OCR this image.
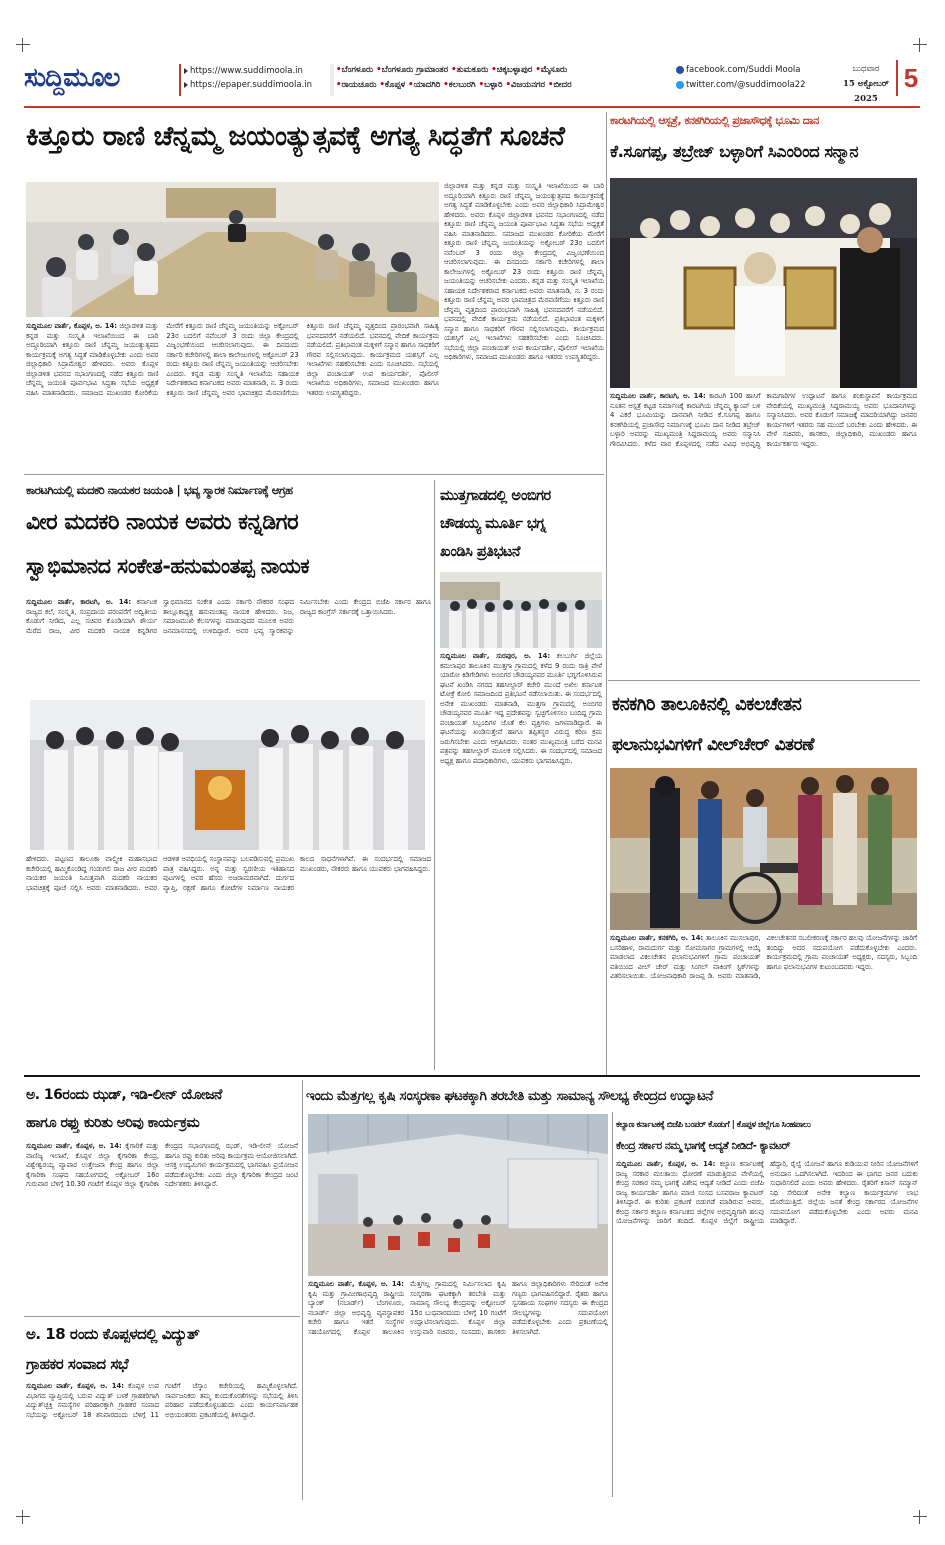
ಸುದ್ದಿಮೂಲ	https://www.suddimoola.in
https://epaper.suddimoola.in
•ಬೆಂಗಳೂರು •ಬೆಂಗಳೂರು ಗ್ರಾಮಾಂತರ •ತುಮಕೂರು •ಚಿಕ್ಕಬಳ್ಳಾಪುರ •ಮೈಸೂರು
•ರಾಯಚೂರು •ಕೊಪ್ಪಳ •ಯಾದಗಿರಿ •ಕಲಬುರಗಿ •ಬಳ್ಳಾರಿ •ವಿಜಯನಗರ •ಬೀದರ
facebook.com/Suddi Moola
twitter.com/@suddimoola22
ಬುಧವಾರ
15 ಅಕ್ಟೋಬರ್ 2025
5
ಕಿತ್ತೂರು ರಾಣಿ ಚೆನ್ನಮ್ಮ ಜಯಂತ್ಯುತ್ಸವಕ್ಕೆ ಅಗತ್ಯ ಸಿದ್ಧತೆಗೆ ಸೂಚನೆ
ಸುದ್ದಿಮೂಲ ವಾರ್ತೆ, ಕೊಪ್ಪಳ, ಅ. 14: ಜಿಲ್ಲಾಡಳಿತ ಮತ್ತು ಕನ್ನಡ ಮತ್ತು ಸಂಸ್ಕೃತಿ ಇಲಾಖೆಯಿಂದ ಈ ಬಾರಿ ಅದ್ದೂರಿಯಾಗಿ ಕಿತ್ತೂರು ರಾಣಿ ಚೆನ್ನಮ್ಮ ಜಯಂತ್ಯುತ್ಸವದ ಕಾರ್ಯಕ್ರಮಕ್ಕೆ ಅಗತ್ಯ ಸಿದ್ಧತೆ ಮಾಡಿಕೊಳ್ಳಬೇಕು ಎಂದು ಅಪರ ಜಿಲ್ಲಾಧಿಕಾರಿ ಸಿದ್ರಾಮೇಶ್ವರ ಹೇಳಿದರು. ಅವರು ಕೊಪ್ಪಳ ಜಿಲ್ಲಾಡಳಿತ ಭವನದ ಸಭಾಂಗಣದಲ್ಲಿ ನಡೆದ ಕಿತ್ತೂರು ರಾಣಿ ಚೆನ್ನಮ್ಮ ಜಯಂತಿ ಪೂರ್ವಭಾವಿ ಸಿದ್ಧತಾ ಸಭೆಯ ಅಧ್ಯಕ್ಷತೆ ವಹಿಸಿ ಮಾತನಾಡಿದರು. ಸಮಾಜದ ಮುಖಂಡರ ಕೋರಿಕೆಯ ಮೇರೆಗೆ ಕಿತ್ತೂರು ರಾಣಿ ಚೆನ್ನಮ್ಮ ಜಯಂತಿಯನ್ನು ಅಕ್ಟೋಬರ್ 23ರ ಬದಲಿಗೆ ನವೆಂಬರ್ 3 ರಂದು ಜಿಲ್ಲಾ ಕೇಂದ್ರದಲ್ಲಿ ವಿಜೃಂಭಣೆಯಿಂದ ಆಚರಿಸಲಾಗುವುದು. ಈ ದಿನದಂದು ಸರ್ಕಾರಿ ಕಚೇರಿಗಳಲ್ಲಿ ಶಾಲಾ ಕಾಲೇಜುಗಳಲ್ಲಿ ಅಕ್ಟೋಬರ್ 23 ರಂದು ಕಿತ್ತೂರು ರಾಣಿ ಚೆನ್ನಮ್ಮ ಜಯಂತಿಯನ್ನು ಆಚರಿಸಬೇಕು ಎಂದರು. ಕನ್ನಡ ಮತ್ತು ಸಂಸ್ಕೃತಿ ಇಲಾಖೆಯ ಸಹಾಯಕ ನಿರ್ದೇಶಕರಾದ ಕರ್ನಾಟಕದ ಅವರು ಮಾತನಾಡಿ, ನ. 3 ರಂದು ಕಿತ್ತೂರು ರಾಣಿ ಚೆನ್ನಮ್ಮ ಅವರ ಭಾವಚಿತ್ರದ ಮೆರವಣಿಗೆಯು ಕಿತ್ತೂರು ರಾಣಿ ಚೆನ್ನಮ್ಮ ವೃತ್ತದಿಂದ ಪ್ರಾರಂಭವಾಗಿ ಸಾಹಿತ್ಯ ಭವನದವರೆಗೆ ನಡೆಯಲಿದೆ. ಭವನದಲ್ಲಿ ವೇದಿಕೆ ಕಾರ್ಯಕ್ರಮ ನಡೆಯಲಿದೆ. ಪ್ರತಿಭಾವಂತ ಮಕ್ಕಳಿಗೆ ಸನ್ಮಾನ ಹಾಗೂ ಸಾಧಕರಿಗೆ ಗೌರವ ಸಲ್ಲಿಸಲಾಗುವುದು. ಕಾರ್ಯಕ್ರಮದ ಯಶಸ್ಸಿಗೆ ಎಲ್ಲ ಇಲಾಖೆಗಳು ಸಹಕರಿಸಬೇಕು ಎಂದು ಸೂಚಿಸಿದರು. ಸಭೆಯಲ್ಲಿ ಜಿಲ್ಲಾ ಪಂಚಾಯತ್ ಉಪ ಕಾರ್ಯದರ್ಶಿ, ಪೊಲೀಸ್ ಇಲಾಖೆಯ ಅಧಿಕಾರಿಗಳು, ಸಮಾಜದ ಮುಖಂಡರು ಹಾಗೂ ಇತರರು ಉಪಸ್ಥಿತರಿದ್ದರು.
ಜಿಲ್ಲಾಡಳಿತ ಮತ್ತು ಕನ್ನಡ ಮತ್ತು ಸಂಸ್ಕೃತಿ ಇಲಾಖೆಯಿಂದ ಈ ಬಾರಿ ಅದ್ದೂರಿಯಾಗಿ ಕಿತ್ತೂರು ರಾಣಿ ಚೆನ್ನಮ್ಮ ಜಯಂತ್ಯುತ್ಸವದ ಕಾರ್ಯಕ್ರಮಕ್ಕೆ ಅಗತ್ಯ ಸಿದ್ಧತೆ ಮಾಡಿಕೊಳ್ಳಬೇಕು ಎಂದು ಅಪರ ಜಿಲ್ಲಾಧಿಕಾರಿ ಸಿದ್ರಾಮೇಶ್ವರ ಹೇಳಿದರು. ಅವರು ಕೊಪ್ಪಳ ಜಿಲ್ಲಾಡಳಿತ ಭವನದ ಸಭಾಂಗಣದಲ್ಲಿ ನಡೆದ ಕಿತ್ತೂರು ರಾಣಿ ಚೆನ್ನಮ್ಮ ಜಯಂತಿ ಪೂರ್ವಭಾವಿ ಸಿದ್ಧತಾ ಸಭೆಯ ಅಧ್ಯಕ್ಷತೆ ವಹಿಸಿ ಮಾತನಾಡಿದರು. ಸಮಾಜದ ಮುಖಂಡರ ಕೋರಿಕೆಯ ಮೇರೆಗೆ ಕಿತ್ತೂರು ರಾಣಿ ಚೆನ್ನಮ್ಮ ಜಯಂತಿಯನ್ನು ಅಕ್ಟೋಬರ್ 23ರ ಬದಲಿಗೆ ನವೆಂಬರ್ 3 ರಂದು ಜಿಲ್ಲಾ ಕೇಂದ್ರದಲ್ಲಿ ವಿಜೃಂಭಣೆಯಿಂದ ಆಚರಿಸಲಾಗುವುದು. ಈ ದಿನದಂದು ಸರ್ಕಾರಿ ಕಚೇರಿಗಳಲ್ಲಿ ಶಾಲಾ ಕಾಲೇಜುಗಳಲ್ಲಿ ಅಕ್ಟೋಬರ್ 23 ರಂದು ಕಿತ್ತೂರು ರಾಣಿ ಚೆನ್ನಮ್ಮ ಜಯಂತಿಯನ್ನು ಆಚರಿಸಬೇಕು ಎಂದರು. ಕನ್ನಡ ಮತ್ತು ಸಂಸ್ಕೃತಿ ಇಲಾಖೆಯ ಸಹಾಯಕ ನಿರ್ದೇಶಕರಾದ ಕರ್ನಾಟಕದ ಅವರು ಮಾತನಾಡಿ, ನ. 3 ರಂದು ಕಿತ್ತೂರು ರಾಣಿ ಚೆನ್ನಮ್ಮ ಅವರ ಭಾವಚಿತ್ರದ ಮೆರವಣಿಗೆಯು ಕಿತ್ತೂರು ರಾಣಿ ಚೆನ್ನಮ್ಮ ವೃತ್ತದಿಂದ ಪ್ರಾರಂಭವಾಗಿ ಸಾಹಿತ್ಯ ಭವನದವರೆಗೆ ನಡೆಯಲಿದೆ. ಭವನದಲ್ಲಿ ವೇದಿಕೆ ಕಾರ್ಯಕ್ರಮ ನಡೆಯಲಿದೆ. ಪ್ರತಿಭಾವಂತ ಮಕ್ಕಳಿಗೆ ಸನ್ಮಾನ ಹಾಗೂ ಸಾಧಕರಿಗೆ ಗೌರವ ಸಲ್ಲಿಸಲಾಗುವುದು. ಕಾರ್ಯಕ್ರಮದ ಯಶಸ್ಸಿಗೆ ಎಲ್ಲ ಇಲಾಖೆಗಳು ಸಹಕರಿಸಬೇಕು ಎಂದು ಸೂಚಿಸಿದರು. ಸಭೆಯಲ್ಲಿ ಜಿಲ್ಲಾ ಪಂಚಾಯತ್ ಉಪ ಕಾರ್ಯದರ್ಶಿ, ಪೊಲೀಸ್ ಇಲಾಖೆಯ ಅಧಿಕಾರಿಗಳು, ಸಮಾಜದ ಮುಖಂಡರು ಹಾಗೂ ಇತರರು ಉಪಸ್ಥಿತರಿದ್ದರು.
ಕಾರಟಗಿಯಲ್ಲಿ ಆಸ್ಪತ್ರೆ, ಕನಕಗಿರಿಯಲ್ಲಿ ಪ್ರಜಾಸೌಧಕ್ಕೆ ಭೂಮಿ ದಾನ
ಕೆ.ಸೂಗಪ್ಪ, ತಬ್ರೇಜ್ ಬಳ್ಳಾರಿಗೆ ಸಿಎಂರಿಂದ ಸನ್ಮಾನ
ಸುದ್ದಿಮೂಲ ವಾರ್ತೆ, ಕಾರಟಗಿ, ಅ. 14: ಕಾರಟಗಿ 100 ಹಾಸಿಗೆ ನೂತನ ಆಸ್ಪತ್ರೆ ಕಟ್ಟಡ ನಿರ್ಮಾಣಕ್ಕೆ ಕಾರಟಗಿಯ ಚೆನ್ನಮ್ಮ ಕ್ಯಾಂಪ್ ಬಳಿ 4 ಎಕರೆ ಭೂಮಿಯನ್ನು ದಾನವಾಗಿ ನೀಡಿದ ಕೆ.ಸೂಗಪ್ಪ ಹಾಗೂ ಕನಕಗಿರಿಯಲ್ಲಿ ಪ್ರಜಾಸೌಧ ನಿರ್ಮಾಣಕ್ಕೆ ಭೂಮಿ ದಾನ ನೀಡಿದ ತಬ್ರೇಜ್ ಬಳ್ಳಾರಿ ಅವರನ್ನು ಮುಖ್ಯಮಂತ್ರಿ ಸಿದ್ದರಾಮಯ್ಯ ಅವರು ಸನ್ಮಾನಿಸಿ ಗೌರವಿಸಿದರು. ಕಳೆದ ವಾರ ಕೊಪ್ಪಳದಲ್ಲಿ ನಡೆದ ವಿವಿಧ ಅಭಿವೃದ್ಧಿ ಕಾಮಗಾರಿಗಳ ಉದ್ಘಾಟನೆ ಹಾಗೂ ಶಂಕುಸ್ಥಾಪನೆ ಕಾರ್ಯಕ್ರಮದ ವೇದಿಕೆಯಲ್ಲಿ ಮುಖ್ಯಮಂತ್ರಿ ಸಿದ್ದರಾಮಯ್ಯ ಅವರು ಭೂದಾನಿಗಳನ್ನು ಸನ್ಮಾನಿಸಿದರು. ಅವರ ಕೊಡುಗೆ ಸಮಾಜಕ್ಕೆ ಮಾದರಿಯಾಗಿದ್ದು ಜನಪರ ಕಾರ್ಯಗಳಿಗೆ ಇತರರು ಸಹ ಮುಂದೆ ಬರಬೇಕು ಎಂದು ಹೇಳಿದರು. ಈ ವೇಳೆ ಸಚಿವರು, ಶಾಸಕರು, ಜಿಲ್ಲಾಧಿಕಾರಿ, ಮುಖಂಡರು ಹಾಗೂ ಕಾರ್ಯಕರ್ತರು ಇದ್ದರು.
ಕಾರಟಗಿಯಲ್ಲಿ ಮದಕರಿ ನಾಯಕರ ಜಯಂತಿ | ಭವ್ಯ ಸ್ಮಾರಕ ನಿರ್ಮಾಣಕ್ಕೆ ಆಗ್ರಹ
ವೀರ ಮದಕರಿ ನಾಯಕ ಅವರು ಕನ್ನಡಿಗರ
ಸ್ವಾಭಿಮಾನದ ಸಂಕೇತ-ಹನುಮಂತಪ್ಪ ನಾಯಕ
ಸುದ್ದಿಮೂಲ ವಾರ್ತೆ, ಕಾರಟಗಿ, ಅ. 14: ಕರ್ನಾಟಕ ರಾಜ್ಯದ ಕಲೆ, ಸಂಸ್ಕೃತಿ, ಸಂಪ್ರದಾಯ ಪರಂಪರೆಗೆ ಅದ್ವಿತೀಯ ಕೊಡುಗೆ ನೀಡಿದ, ಎಲ್ಲ ಸಚಿವರ ಕೊಂಡಿಯಾಗಿ ಶೌರ್ಯ ಮೆರೆದ ರಾಜ, ವೀರ ಮದಕರಿ ನಾಯಕ ಕನ್ನಡಿಗರ ಸ್ವಾಭಿಮಾನದ ಸಂಕೇತ ಎಂದು ಸರ್ಕಾರಿ ನೌಕರರ ಸಂಘದ ತಾಲ್ಲೂಕಾಧ್ಯಕ್ಷ ಹನುಮಂತಪ್ಪ ನಾಯಕ ಹೇಳಿದರು. ನಿಜ, ಸಮಾಜಮುಖಿ ಕೆಲಸಗಳನ್ನು ಮಾಡುವುದರ ಮೂಲಕ ಅವರು ಜನಮಾನಸದಲ್ಲಿ ಉಳಿದಿದ್ದಾರೆ. ಅವರ ಭವ್ಯ ಸ್ಮಾರಕವನ್ನು ನಿರ್ಮಿಸಬೇಕು ಎಂದು ಕೇಂದ್ರದ ಬಿಜೆಪಿ ಸರ್ಕಾರ ಹಾಗೂ ರಾಜ್ಯದ ಕಾಂಗ್ರೆಸ್ ಸರ್ಕಾರಕ್ಕೆ ಒತ್ತಾಯಿಸಿದರು.
ಹೇಳಿದರು. ಪಟ್ಟಣದ ತಾಲೂಕಾ ವಾಲ್ಮೀಕಿ ಮಹಾಸಭಾದ ಕಚೇರಿಯಲ್ಲಿ ಹಮ್ಮಿಕೊಂಡಿದ್ದ ಗಂಡುಗಲಿ ರಾಜ ವೀರ ಮದಕರಿ ನಾಯಕರ ಜಯಂತಿ ನಿಮಿತ್ತವಾಗಿ ಮದಕರಿ ನಾಯಕರ ಭಾವಚಿತ್ರಕ್ಕೆ ಪೂಜೆ ಸಲ್ಲಿಸಿ ಅವರು ಮಾತನಾಡಿದರು. ಅವರ ಆಡಳಿತ ಅವಧಿಯಲ್ಲಿ ಸಂಸ್ಥಾನವನ್ನು ಬಲಪಡಿಸುವಲ್ಲಿ ಪ್ರಮುಖ ಪಾತ್ರ ವಹಿಸಿದ್ದರು. ಅನ್ನ ಮತ್ತು ಸ್ವರಣೀಯ ಇತಿಹಾಸದ ಪುಟಗಳಲ್ಲಿ ಅವರ ಹೆಸರು ಅಜರಾಮರವಾಗಿದೆ. ದುರ್ಗದ ವ್ಯಾಪ್ತಿ, ರಕ್ಷಣೆ ಹಾಗೂ ಕೋಟೆಗಳ ನಿರ್ಮಾಣ ನಾಯಕರ ಕಾಲದ ಸಾಧನೆಗಳಾಗಿವೆ. ಈ ಸಂದರ್ಭದಲ್ಲಿ ಸಮಾಜದ ಮುಖಂಡರು, ನೌಕರರು ಹಾಗೂ ಯುವಕರು ಭಾಗವಹಿಸಿದ್ದರು.
ಮುತ್ತಗಾಡದಲ್ಲಿ ಅಂಬಿಗರ
ಚೌಡಯ್ಯ ಮೂರ್ತಿ ಭಗ್ನ
ಖಂಡಿಸಿ ಪ್ರತಿಭಟನೆ
ಸುದ್ದಿಮೂಲ ವಾರ್ತೆ, ಸುರಪುರ, ಅ. 14: ಕಲಬುರ್ಗಿ ಜಿಲ್ಲೆಯ ಕಮಲಾಪುರ ತಾಲೂಕಿನ ಮುತ್ತಗಾ ಗ್ರಾಮದಲ್ಲಿ ಕಳೆದ 9 ರಂದು ರಾತ್ರಿ ವೇಳೆ ಯಾರೋ ಕಿಡಿಗೇಡಿಗಳು ಅಂಬಿಗರ ಚೌಡಯ್ಯನವರ ಮೂರ್ತಿ ಭಗ್ನಗೊಳಿಸಿರುವ ಘಟನೆ ಖಂಡಿಸಿ ನಗರದ ತಹಸೀಲ್ದಾರ್ ಕಚೇರಿ ಮುಂದೆ ಅಖಿಲ ಕರ್ನಾಟಕ ಟೋಕ್ರೆ ಕೋಲಿ ಸಮಾಜದಿಂದ ಪ್ರತಿಭಟನೆ ನಡೆಸಲಾಯಿತು. ಈ ಸಂದರ್ಭದಲ್ಲಿ ಅನೇಕ ಮುಖಂಡರು ಮಾತನಾಡಿ, ಮುತ್ತಗಾ ಗ್ರಾಮದಲ್ಲಿ ಅಂಬಿಗರ ಚೌಡಯ್ಯನವರ ಮೂರ್ತಿ ಇದ್ದ ಪ್ರದೇಶವನ್ನು ಸ್ವಚ್ಛಗೊಳಿಸಲು ಬಂದಿದ್ದ ಗ್ರಾಮ ಪಂಚಾಯತ್ ಸಿಬ್ಬಂದಿಗಳ ಜೊತೆ ಕೆಲ ವ್ಯಕ್ತಿಗಳು ಜಗಳವಾಡಿದ್ದಾರೆ. ಈ ಘಟನೆಯನ್ನು ಖಂಡಿಸುತ್ತೇವೆ ಹಾಗೂ ತಪ್ಪಿತಸ್ಥರ ವಿರುದ್ಧ ಕಠಿಣ ಕ್ರಮ ಜರುಗಿಸಬೇಕು ಎಂದು ಆಗ್ರಹಿಸಿದರು. ನಂತರ ಮುಖ್ಯಮಂತ್ರಿ ಬರೆದ ಮನವಿ ಪತ್ರವನ್ನು ತಹಸೀಲ್ದಾರ್ ಮೂಲಕ ಸಲ್ಲಿಸಿದರು. ಈ ಸಂದರ್ಭದಲ್ಲಿ ಸಮಾಜದ ಅಧ್ಯಕ್ಷ ಹಾಗೂ ಪದಾಧಿಕಾರಿಗಳು, ಯುವಕರು ಭಾಗವಹಿಸಿದ್ದರು.
ಕನಕಗಿರಿ ತಾಲೂಕಿನಲ್ಲಿ ವಿಕಲಚೇತನ
ಫಲಾನುಭವಿಗಳಿಗೆ ವೀಲ್‌ಚೇರ್ ವಿತರಣೆ
ಸುದ್ದಿಮೂಲ ವಾರ್ತೆ, ಕನಕಗಿರಿ, ಅ. 14: ತಾಲೂಕಿನ ಮುಸಲಾಪುರ, ಬಸರಿಹಾಳ, ರಾಮದುರ್ಗ ಮತ್ತು ಸೋಮಸಾಗರ ಗ್ರಾಮಗಳಲ್ಲಿ ಆಯ್ಕೆ ಮಾಡಲಾದ ವಿಕಲಚೇತನ ಫಲಾನುಭವಿಗಳಿಗೆ ಗ್ರಾಮ ಪಂಚಾಯತ್ ವತಿಯಿಂದ ವೀಲ್ ಚೇರ್ ಮತ್ತು ಸಿಂಗಲ್ ವಾಕಿಂಗ್ ಸ್ಟಿಕ್‌ಗಳನ್ನು ವಿತರಿಸಲಾಯಿತು. ಯೋಜನಾಧಿಕಾರಿ ರಾಜಪ್ಪ ಡಿ. ಅವರು ಮಾತನಾಡಿ, ವಿಕಲಚೇತನರ ಸಬಲೀಕರಣಕ್ಕೆ ಸರ್ಕಾರ ಹಲವು ಯೋಜನೆಗಳನ್ನು ಜಾರಿಗೆ ತಂದಿದ್ದು ಅದರ ಸದುಪಯೋಗ ಪಡೆದುಕೊಳ್ಳಬೇಕು ಎಂದರು. ಕಾರ್ಯಕ್ರಮದಲ್ಲಿ ಗ್ರಾಮ ಪಂಚಾಯತ್ ಅಧ್ಯಕ್ಷರು, ಸದಸ್ಯರು, ಸಿಬ್ಬಂದಿ ಹಾಗೂ ಫಲಾನುಭವಿಗಳ ಕುಟುಂಬದವರು ಇದ್ದರು.
ಅ. 16ರಂದು ಝಡ್, ಇಡಿ-ಲೀನ್ ಯೋಜನೆ
ಹಾಗೂ ರಫ್ತು ಕುರಿತು ಅರಿವು ಕಾರ್ಯಕ್ರಮ
ಸುದ್ದಿಮೂಲ ವಾರ್ತೆ, ಕೊಪ್ಪಳ, ಅ. 14: ಕೈಗಾರಿಕೆ ಮತ್ತು ವಾಣಿಜ್ಯ ಇಲಾಖೆ, ಕೊಪ್ಪಳ ಜಿಲ್ಲಾ ಕೈಗಾರಿಕಾ ಕೇಂದ್ರ, ವಿಶ್ವೇಶ್ವರಯ್ಯ ವ್ಯಾಪಾರ ಉತ್ತೇಜನಾ ಕೇಂದ್ರ ಹಾಗೂ ಜಿಲ್ಲಾ ಕೈಗಾರಿಕಾ ಸಂಘದ ಸಹಯೋಗದಲ್ಲಿ ಅಕ್ಟೋಬರ್ 16ರ ಗುರುವಾರ ಬೆಳಿಗ್ಗೆ 10.30 ಗಂಟೆಗೆ ಕೊಪ್ಪಳ ಜಿಲ್ಲಾ ಕೈಗಾರಿಕಾ ಕೇಂದ್ರದ ಸಭಾಂಗಣದಲ್ಲಿ ಝಡ್, ಇಡಿ-ಲೀನ್ ಯೋಜನೆ ಹಾಗೂ ರಫ್ತು ಕುರಿತು ಅರಿವು ಕಾರ್ಯಕ್ರಮ ಆಯೋಜಿಸಲಾಗಿದೆ. ಆಸಕ್ತ ಉದ್ಯಮಿಗಳು ಕಾರ್ಯಕ್ರಮದಲ್ಲಿ ಭಾಗವಹಿಸಿ ಪ್ರಯೋಜನ ಪಡೆದುಕೊಳ್ಳಬೇಕು ಎಂದು ಜಿಲ್ಲಾ ಕೈಗಾರಿಕಾ ಕೇಂದ್ರದ ಜಂಟಿ ನಿರ್ದೇಶಕರು ತಿಳಿಸಿದ್ದಾರೆ.
ಅ. 18 ರಂದು ಕೊಪ್ಪಳದಲ್ಲಿ ವಿದ್ಯುತ್
ಗ್ರಾಹಕರ ಸಂವಾದ ಸಭೆ
ಸುದ್ದಿಮೂಲ ವಾರ್ತೆ, ಕೊಪ್ಪಳ, ಅ. 14: ಕೊಪ್ಪಳ ಉಪ ವಿಭಾಗದ ವ್ಯಾಪ್ತಿಯಲ್ಲಿ ಬರುವ ವಿದ್ಯುತ್ ಬಳಕೆ ಗ್ರಾಹಕರಿಗಾಗಿ ವಿದ್ಯುತ್‌ಚ್ಛಕ್ತಿ ಸಮಸ್ಯೆಗಳ ಪರಿಹಾರಕ್ಕಾಗಿ ಗ್ರಾಹಕರ ಸಂವಾದ ಸಭೆಯನ್ನು ಅಕ್ಟೋಬರ್ 18 ಶನಿವಾರದಂದು ಬೆಳಿಗ್ಗೆ 11 ಗಂಟೆಗೆ ಜೆಸ್ಕಾಂ ಕಚೇರಿಯಲ್ಲಿ ಹಮ್ಮಿಕೊಳ್ಳಲಾಗಿದೆ. ಸಾರ್ವಜನಿಕರು ತಮ್ಮ ಕುಂದುಕೊರತೆಗಳನ್ನು ಸಭೆಯಲ್ಲಿ ತಿಳಿಸಿ ಪರಿಹಾರ ಪಡೆದುಕೊಳ್ಳಬಹುದು ಎಂದು ಕಾರ್ಯನಿರ್ವಾಹಕ ಅಭಿಯಂತರರು ಪ್ರಕಟಣೆಯಲ್ಲಿ ತಿಳಿಸಿದ್ದಾರೆ.
ಇಂದು ಮೆತ್ತಗಲ್ಲ ಕೃಷಿ ಸಂಸ್ಕರಣಾ ಘಟಕಕ್ಕಾಗಿ ತರಬೇತಿ ಮತ್ತು ಸಾಮಾನ್ಯ ಸೌಲಭ್ಯ ಕೇಂದ್ರದ ಉದ್ಘಾಟನೆ
ಸುದ್ದಿಮೂಲ ವಾರ್ತೆ, ಕೊಪ್ಪಳ, ಅ. 14: ಕೃಷಿ ಮತ್ತು ಗ್ರಾಮೀಣಾಭಿವೃದ್ಧಿ ರಾಷ್ಟ್ರೀಯ ಬ್ಯಾಂಕ್ (ನಬಾರ್ಡ್) ಬೆಂಗಳೂರು, ನಬಾರ್ಡ್ ಜಿಲ್ಲಾ ಅಭಿವೃದ್ಧಿ ವ್ಯವಸ್ಥಾಪಕರ ಕಚೇರಿ ಹಾಗೂ ಇತರೆ ಸಂಸ್ಥೆಗಳ ಸಹಯೋಗದಲ್ಲಿ ಕೊಪ್ಪಳ ತಾಲೂಕಿನ ಮೆತ್ತಗಲ್ಲ ಗ್ರಾಮದಲ್ಲಿ ನಿರ್ಮಿಸಲಾದ ಕೃಷಿ ಸಂಸ್ಕರಣಾ ಘಟಕಕ್ಕಾಗಿ ತರಬೇತಿ ಮತ್ತು ಸಾಮಾನ್ಯ ಸೌಲಭ್ಯ ಕೇಂದ್ರವನ್ನು ಅಕ್ಟೋಬರ್ 15ರ ಬುಧವಾರದಂದು ಬೆಳಿಗ್ಗೆ 10 ಗಂಟೆಗೆ ಉದ್ಘಾಟಿಸಲಾಗುವುದು. ಕೊಪ್ಪಳ ಜಿಲ್ಲಾ ಉಸ್ತುವಾರಿ ಸಚಿವರು, ಸಂಸದರು, ಶಾಸಕರು ಹಾಗೂ ಜಿಲ್ಲಾಧಿಕಾರಿಗಳು ಸೇರಿದಂತೆ ಅನೇಕ ಗಣ್ಯರು ಭಾಗವಹಿಸಲಿದ್ದಾರೆ. ರೈತರು ಹಾಗೂ ಸ್ವಸಹಾಯ ಸಂಘಗಳ ಸದಸ್ಯರು ಈ ಕೇಂದ್ರದ ಸೌಲಭ್ಯಗಳನ್ನು ಸದುಪಯೋಗ ಪಡೆದುಕೊಳ್ಳಬೇಕು ಎಂದು ಪ್ರಕಟಣೆಯಲ್ಲಿ ತಿಳಿಸಲಾಗಿದೆ.
ಕಲ್ಯಾಣ ಕರ್ನಾಟಕಕ್ಕೆ ಬಿಜೆಪಿ ಬಂಪರ್ ಕೊಡುಗೆ | ಕೊಪ್ಪಳ ಜಿಲ್ಲೆಗೂ ಸಿಂಹಪಾಲು
ಕೇಂದ್ರ ಸರ್ಕಾರ ನಮ್ಮ ಭಾಗಕ್ಕೆ ಆದ್ಯತೆ ನೀಡಿದೆ- ಕ್ಯಾವಟರ್
ಸುದ್ದಿಮೂಲ ವಾರ್ತೆ, ಕೊಪ್ಪಳ, ಅ. 14: ಕಲ್ಯಾಣ ಕರ್ನಾಟಕಕ್ಕೆ ರಾಜ್ಯ ಸರಕಾರ ಮಲತಾಯಿ ಧೋರಣೆ ಮಾಡುತ್ತಿರುವ ವೇಳೆಯಲ್ಲಿ ಕೇಂದ್ರ ಸರಕಾರ ನಮ್ಮ ಭಾಗಕ್ಕೆ ವಿಶೇಷ ಆದ್ಯತೆ ನೀಡಿದೆ ಎಂದು ಬಿಜೆಪಿ ರಾಜ್ಯ ಕಾರ್ಯದರ್ಶಿ ಹಾಗೂ ಮಾಜಿ ಸಂಸದ ಬಸವರಾಜ ಕ್ಯಾವಟರ್ ತಿಳಿಸಿದ್ದಾರೆ. ಈ ಕುರಿತು ಪ್ರಕಟಣೆ ಬಿಡುಗಡೆ ಮಾಡಿರುವ ಅವರು, ಕೇಂದ್ರ ಸರ್ಕಾರ ಕಲ್ಯಾಣ ಕರ್ನಾಟಕದ ಜಿಲ್ಲೆಗಳ ಅಭಿವೃದ್ಧಿಗಾಗಿ ಹಲವು ಯೋಜನೆಗಳನ್ನು ಜಾರಿಗೆ ತಂದಿದೆ. ಕೊಪ್ಪಳ ಜಿಲ್ಲೆಗೆ ರಾಷ್ಟ್ರೀಯ ಹೆದ್ದಾರಿ, ರೈಲ್ವೆ ಯೋಜನೆ ಹಾಗೂ ಕುಡಿಯುವ ನೀರಿನ ಯೋಜನೆಗಳಿಗೆ ಅನುದಾನ ಒದಗಿಸಲಾಗಿದೆ. ಇದರಿಂದ ಈ ಭಾಗದ ಜನರ ಬದುಕು ಸುಧಾರಿಸಲಿದೆ ಎಂದು ಅವರು ಹೇಳಿದರು. ರೈತರಿಗೆ ಕಿಸಾನ್ ಸಮ್ಮಾನ್ ನಿಧಿ ಸೇರಿದಂತೆ ಅನೇಕ ಕಲ್ಯಾಣ ಕಾರ್ಯಕ್ರಮಗಳ ಲಾಭ ದೊರೆಯುತ್ತಿದೆ. ಜಿಲ್ಲೆಯ ಜನತೆ ಕೇಂದ್ರ ಸರ್ಕಾರದ ಯೋಜನೆಗಳ ಸದುಪಯೋಗ ಪಡೆದುಕೊಳ್ಳಬೇಕು ಎಂದು ಅವರು ಮನವಿ ಮಾಡಿದ್ದಾರೆ.
